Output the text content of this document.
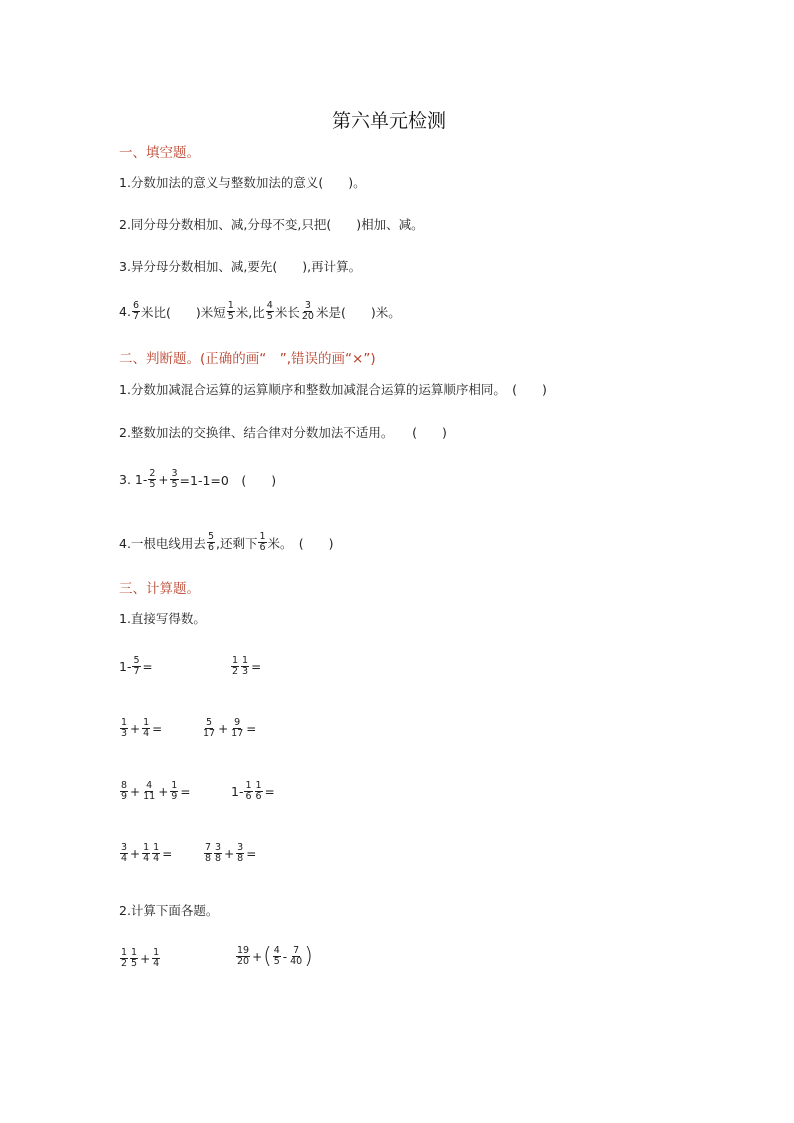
第六单元检测
一、填空题。
1.分数加法的意义与整数加法的意义(　　)。
2.同分母分数相加、减,分母不变,只把(　　)相加、减。
3.异分母分数相加、减,要先(　　),再计算。
4. $\frac{6}{7}$ 米比(　　)米短 $\frac{1}{5}$ 米,比 $\frac{4}{5}$ 米长 $\frac{3}{20}$ 米是(　　)米。
二、判断题。(正确的画“　”,错误的画“×”)
1.分数加减混合运算的运算顺序和整数加减混合运算的运算顺序相同。　(　　)
2.整数加法的交换律、结合律对分数加法不适用。　　(　　)
3. $1- \frac{2}{5} + \frac{3}{5} =1-1=0$　(　　)
4.一根电线用去 $\frac{5}{6}$ ,还剩下 $\frac{1}{6}$ 米。　(　　)
三、计算题。
1.直接写得数。
$1- \frac{5}{7}$ =	$\frac{1}{2} \frac{1}{3}$ =
$\frac{1}{3} + \frac{1}{4}$ =	$\frac{5}{17} + \frac{9}{17}$ =
$\frac{8}{9} + \frac{4}{11} + \frac{1}{9}$ =	$1- \frac{1}{6} \frac{1}{6}$ =
$\frac{3}{4} + \frac{1}{4} \frac{1}{4}$ =	$\frac{7}{8} \frac{3}{8} + \frac{3}{8}$ =
2.计算下面各题。
$\frac{1}{2} \frac{1}{5} + \frac{1}{4}$	$\frac{19}{20}$ + ( $\frac{4}{5} - \frac{7}{40}$ )
